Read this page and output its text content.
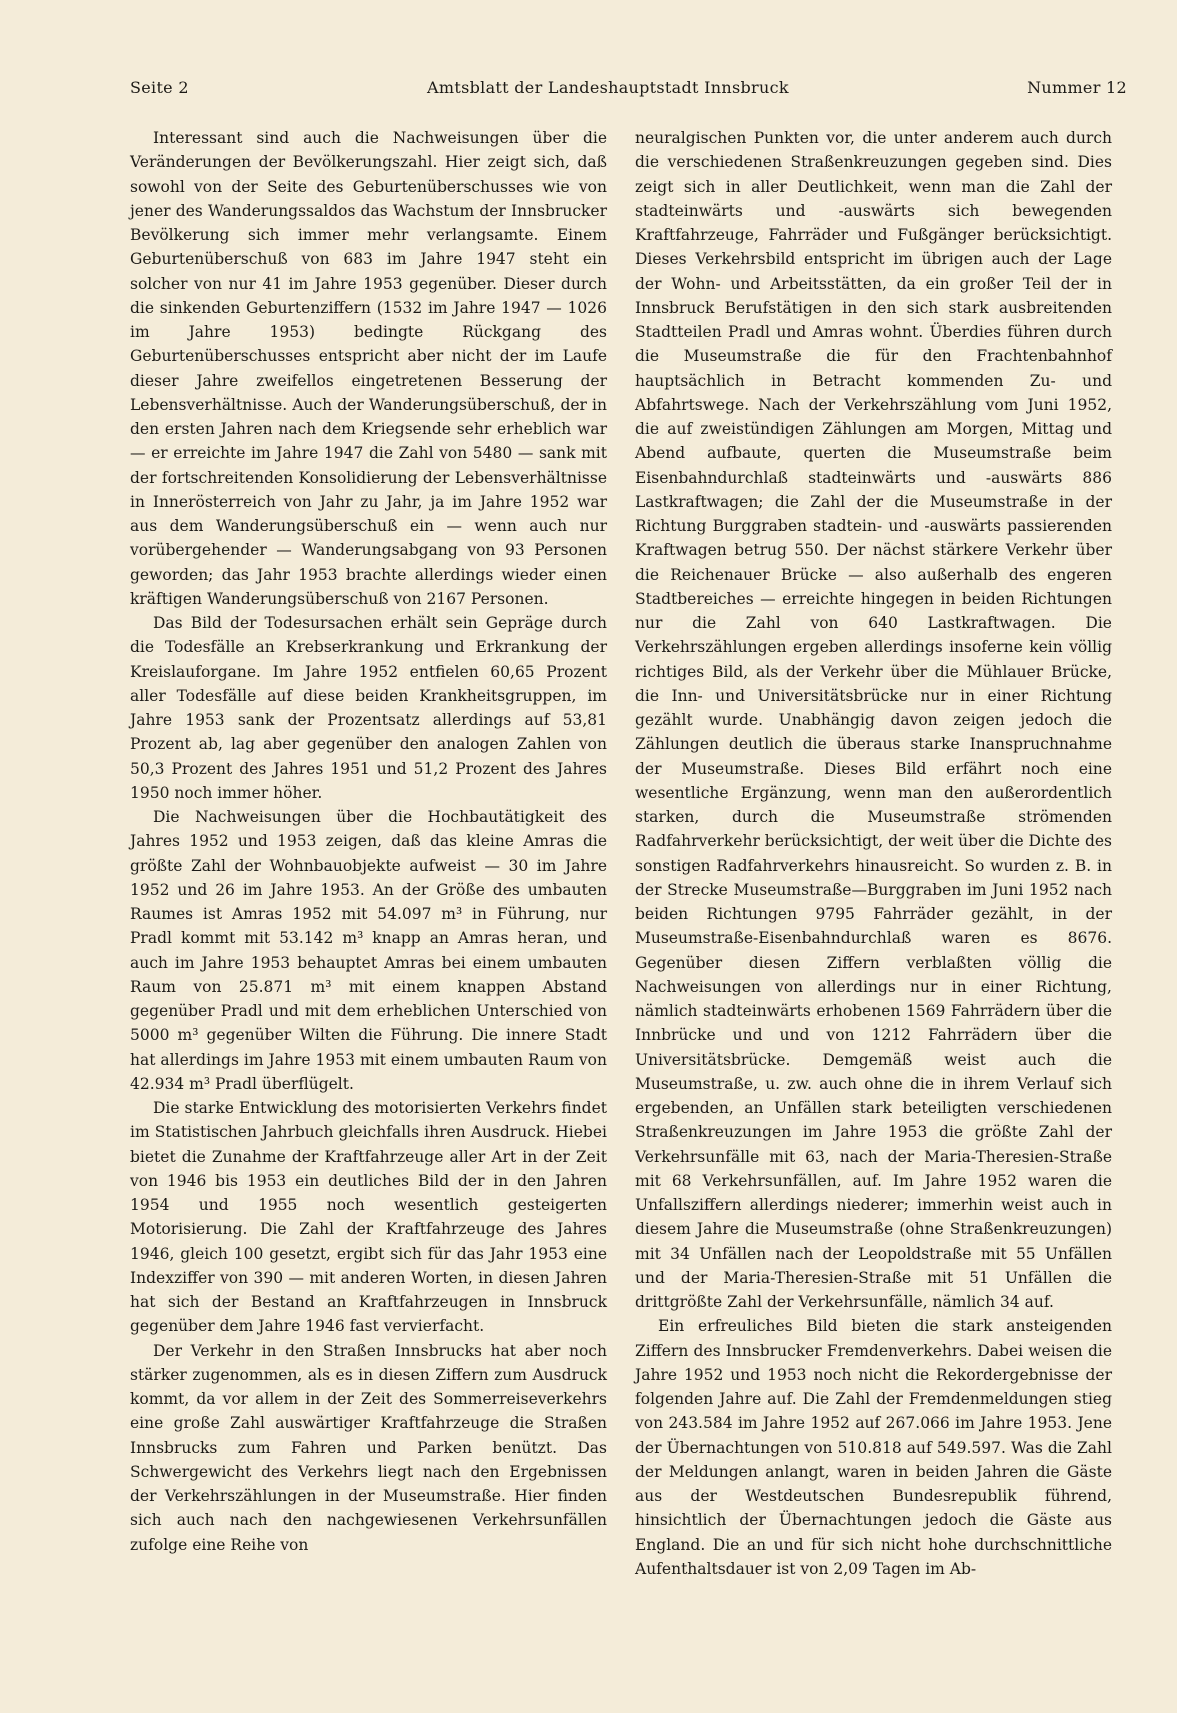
Seite 2	Amtsblatt der Landeshauptstadt Innsbruck	Nummer 12

Interessant sind auch die Nachweisungen über die Veränderungen der Bevölkerungszahl. Hier zeigt sich, daß sowohl von der Seite des Geburtenüberschusses wie von jener des Wanderungssaldos das Wachstum der Innsbrucker Bevölkerung sich immer mehr verlangsamte. Einem Geburtenüberschuß von 683 im Jahre 1947 steht ein solcher von nur 41 im Jahre 1953 gegenüber. Dieser durch die sinkenden Geburtenziffern (1532 im Jahre 1947 — 1026 im Jahre 1953) bedingte Rückgang des Geburtenüberschusses entspricht aber nicht der im Laufe dieser Jahre zweifellos eingetretenen Besserung der Lebensverhältnisse. Auch der Wanderungsüberschuß, der in den ersten Jahren nach dem Kriegsende sehr erheblich war — er erreichte im Jahre 1947 die Zahl von 5480 — sank mit der fortschreitenden Konsolidierung der Lebensverhältnisse in Innerösterreich von Jahr zu Jahr, ja im Jahre 1952 war aus dem Wanderungsüberschuß ein — wenn auch nur vorübergehender — Wanderungsabgang von 93 Personen geworden; das Jahr 1953 brachte allerdings wieder einen kräftigen Wanderungsüberschuß von 2167 Personen.

Das Bild der Todesursachen erhält sein Gepräge durch die Todesfälle an Krebserkrankung und Erkrankung der Kreislauforgane. Im Jahre 1952 entfielen 60,65 Prozent aller Todesfälle auf diese beiden Krankheitsgruppen, im Jahre 1953 sank der Prozentsatz allerdings auf 53,81 Prozent ab, lag aber gegenüber den analogen Zahlen von 50,3 Prozent des Jahres 1951 und 51,2 Prozent des Jahres 1950 noch immer höher.

Die Nachweisungen über die Hochbautätigkeit des Jahres 1952 und 1953 zeigen, daß das kleine Amras die größte Zahl der Wohnbauobjekte aufweist — 30 im Jahre 1952 und 26 im Jahre 1953. An der Größe des umbauten Raumes ist Amras 1952 mit 54.097 m³ in Führung, nur Pradl kommt mit 53.142 m³ knapp an Amras heran, und auch im Jahre 1953 behauptet Amras bei einem umbauten Raum von 25.871 m³ mit einem knappen Abstand gegenüber Pradl und mit dem erheblichen Unterschied von 5000 m³ gegenüber Wilten die Führung. Die innere Stadt hat allerdings im Jahre 1953 mit einem umbauten Raum von 42.934 m³ Pradl überflügelt.

Die starke Entwicklung des motorisierten Verkehrs findet im Statistischen Jahrbuch gleichfalls ihren Ausdruck. Hiebei bietet die Zunahme der Kraftfahrzeuge aller Art in der Zeit von 1946 bis 1953 ein deutliches Bild der in den Jahren 1954 und 1955 noch wesentlich gesteigerten Motorisierung. Die Zahl der Kraftfahrzeuge des Jahres 1946, gleich 100 gesetzt, ergibt sich für das Jahr 1953 eine Indexziffer von 390 — mit anderen Worten, in diesen Jahren hat sich der Bestand an Kraftfahrzeugen in Innsbruck gegenüber dem Jahre 1946 fast vervierfacht.

Der Verkehr in den Straßen Innsbrucks hat aber noch stärker zugenommen, als es in diesen Ziffern zum Ausdruck kommt, da vor allem in der Zeit des Sommerreiseverkehrs eine große Zahl auswärtiger Kraftfahrzeuge die Straßen Innsbrucks zum Fahren und Parken benützt. Das Schwergewicht des Verkehrs liegt nach den Ergebnissen der Verkehrszählungen in der Museumstraße. Hier finden sich auch nach den nachgewiesenen Verkehrsunfällen zufolge eine Reihe von

neuralgischen Punkten vor, die unter anderem auch durch die verschiedenen Straßenkreuzungen gegeben sind. Dies zeigt sich in aller Deutlichkeit, wenn man die Zahl der stadteinwärts und -auswärts sich bewegenden Kraftfahrzeuge, Fahrräder und Fußgänger berücksichtigt. Dieses Verkehrsbild entspricht im übrigen auch der Lage der Wohn- und Arbeitsstätten, da ein großer Teil der in Innsbruck Berufstätigen in den sich stark ausbreitenden Stadtteilen Pradl und Amras wohnt. Überdies führen durch die Museumstraße die für den Frachtenbahnhof hauptsächlich in Betracht kommenden Zu- und Abfahrtswege. Nach der Verkehrszählung vom Juni 1952, die auf zweistündigen Zählungen am Morgen, Mittag und Abend aufbaute, querten die Museumstraße beim Eisenbahndurchlaß stadteinwärts und -auswärts 886 Lastkraftwagen; die Zahl der die Museumstraße in der Richtung Burggraben stadtein- und -auswärts passierenden Kraftwagen betrug 550. Der nächst stärkere Verkehr über die Reichenauer Brücke — also außerhalb des engeren Stadtbereiches — erreichte hingegen in beiden Richtungen nur die Zahl von 640 Lastkraftwagen. Die Verkehrszählungen ergeben allerdings insoferne kein völlig richtiges Bild, als der Verkehr über die Mühlauer Brücke, die Inn- und Universitätsbrücke nur in einer Richtung gezählt wurde. Unabhängig davon zeigen jedoch die Zählungen deutlich die überaus starke Inanspruchnahme der Museumstraße. Dieses Bild erfährt noch eine wesentliche Ergänzung, wenn man den außerordentlich starken, durch die Museumstraße strömenden Radfahrverkehr berücksichtigt, der weit über die Dichte des sonstigen Radfahrverkehrs hinausreicht. So wurden z. B. in der Strecke Museumstraße—Burggraben im Juni 1952 nach beiden Richtungen 9795 Fahrräder gezählt, in der Museumstraße-Eisenbahndurchlaß waren es 8676. Gegenüber diesen Ziffern verblaßten völlig die Nachweisungen von allerdings nur in einer Richtung, nämlich stadteinwärts erhobenen 1569 Fahrrädern über die Innbrücke und und von 1212 Fahrrädern über die Universitätsbrücke. Demgemäß weist auch die Museumstraße, u. zw. auch ohne die in ihrem Verlauf sich ergebenden, an Unfällen stark beteiligten verschiedenen Straßenkreuzungen im Jahre 1953 die größte Zahl der Verkehrsunfälle mit 63, nach der Maria-Theresien-Straße mit 68 Verkehrsunfällen, auf. Im Jahre 1952 waren die Unfallsziffern allerdings niederer; immerhin weist auch in diesem Jahre die Museumstraße (ohne Straßenkreuzungen) mit 34 Unfällen nach der Leopoldstraße mit 55 Unfällen und der Maria-Theresien-Straße mit 51 Unfällen die drittgrößte Zahl der Verkehrsunfälle, nämlich 34 auf.

Ein erfreuliches Bild bieten die stark ansteigenden Ziffern des Innsbrucker Fremdenverkehrs. Dabei weisen die Jahre 1952 und 1953 noch nicht die Rekordergebnisse der folgenden Jahre auf. Die Zahl der Fremdenmeldungen stieg von 243.584 im Jahre 1952 auf 267.066 im Jahre 1953. Jene der Übernachtungen von 510.818 auf 549.597. Was die Zahl der Meldungen anlangt, waren in beiden Jahren die Gäste aus der Westdeutschen Bundesrepublik führend, hinsichtlich der Übernachtungen jedoch die Gäste aus England. Die an und für sich nicht hohe durchschnittliche Aufenthaltsdauer ist von 2,09 Tagen im Ab-
